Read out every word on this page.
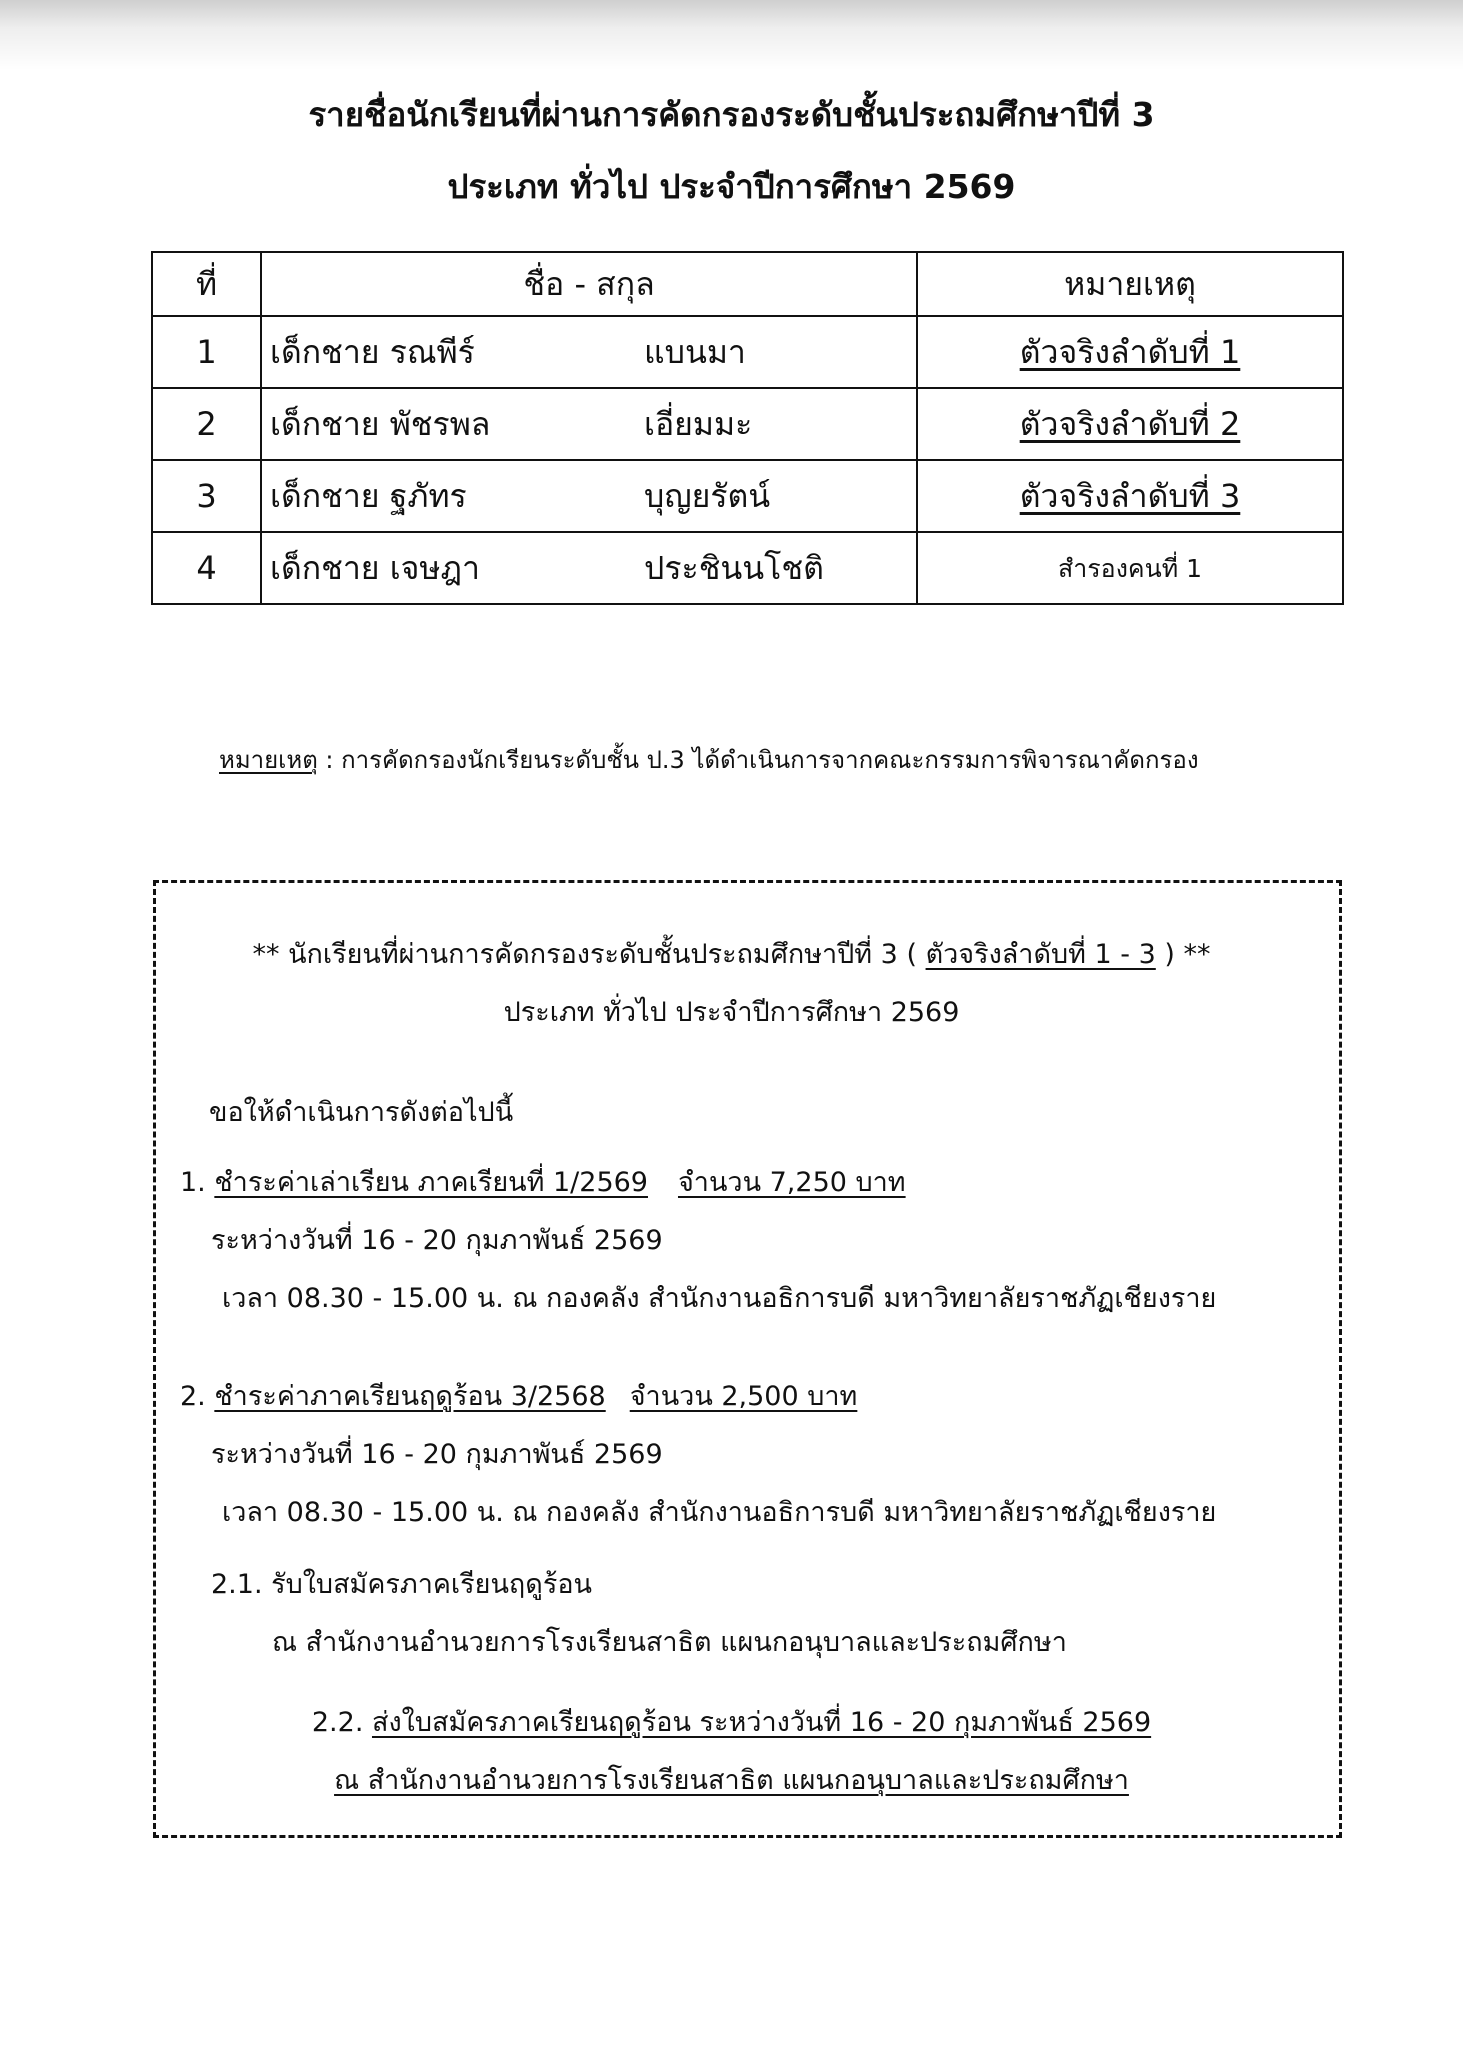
รายชื่อนักเรียนที่ผ่านการคัดกรองระดับชั้นประถมศึกษาปีที่ 3
ประเภท ทั่วไป ประจำปีการศึกษา 2569
ที่	ชื่อ - สกุล	หมายเหตุ
1	เด็กชาย รณพีร์ แบนมา	ตัวจริงลำดับที่ 1
2	เด็กชาย พัชรพล เอี่ยมมะ	ตัวจริงลำดับที่ 2
3	เด็กชาย ฐภัทร บุญยรัตน์	ตัวจริงลำดับที่ 3
4	เด็กชาย เจษฎา ประชินนโชติ	สำรองคนที่ 1
หมายเหตุ : การคัดกรองนักเรียนระดับชั้น ป.3 ได้ดำเนินการจากคณะกรรมการพิจารณาคัดกรอง
** นักเรียนที่ผ่านการคัดกรองระดับชั้นประถมศึกษาปีที่ 3 ( ตัวจริงลำดับที่ 1 - 3 ) **
ประเภท ทั่วไป ประจำปีการศึกษา 2569
ขอให้ดำเนินการดังต่อไปนี้
1. ชำระค่าเล่าเรียน ภาคเรียนที่ 1/2569 จำนวน 7,250 บาท
ระหว่างวันที่ 16 - 20 กุมภาพันธ์ 2569
เวลา 08.30 - 15.00 น. ณ กองคลัง สำนักงานอธิการบดี มหาวิทยาลัยราชภัฏเชียงราย
2. ชำระค่าภาคเรียนฤดูร้อน 3/2568 จำนวน 2,500 บาท
ระหว่างวันที่ 16 - 20 กุมภาพันธ์ 2569
เวลา 08.30 - 15.00 น. ณ กองคลัง สำนักงานอธิการบดี มหาวิทยาลัยราชภัฏเชียงราย
2.1. รับใบสมัครภาคเรียนฤดูร้อน
ณ สำนักงานอำนวยการโรงเรียนสาธิต แผนกอนุบาลและประถมศึกษา
2.2. ส่งใบสมัครภาคเรียนฤดูร้อน ระหว่างวันที่ 16 - 20 กุมภาพันธ์ 2569
ณ สำนักงานอำนวยการโรงเรียนสาธิต แผนกอนุบาลและประถมศึกษา
